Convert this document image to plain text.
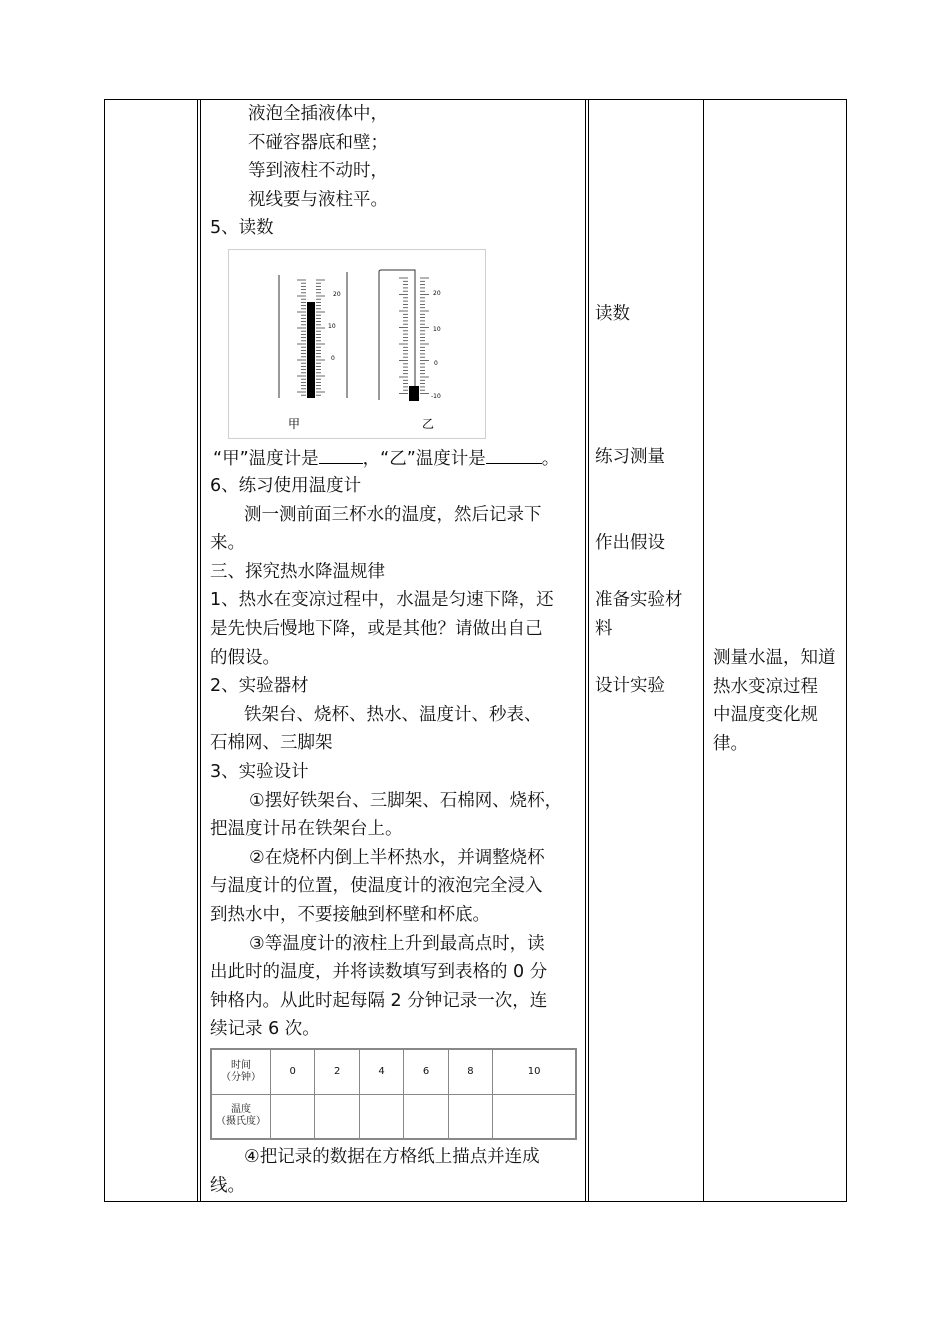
液泡全插液体中，
不碰容器底和壁；
等到液柱不动时，
视线要与液柱平。
5、读数
甲	乙
20
10
0
20
10
0
-10
“甲”温度计是	，“乙”温度计是	。
6、练习使用温度计
测一测前面三杯水的温度，然后记录下
来。
三、探究热水降温规律
1、热水在变凉过程中，水温是匀速下降，还
是先快后慢地下降，或是其他？请做出自己
的假设。
2、实验器材
铁架台、烧杯、热水、温度计、秒表、
石棉网、三脚架
3、实验设计
①摆好铁架台、三脚架、石棉网、烧杯，
把温度计吊在铁架台上。
②在烧杯内倒上半杯热水，并调整烧杯
与温度计的位置，使温度计的液泡完全浸入
到热水中，不要接触到杯壁和杯底。
③等温度计的液柱上升到最高点时，读
出此时的温度，并将读数填写到表格的 0 分
钟格内。从此时起每隔 2 分钟记录一次，连
续记录 6 次。
时间
（分钟）	0	2	4	6	8	10

温度
（摄氏度）						

④把记录的数据在方格纸上描点并连成
线。
读数
练习测量
作出假设
准备实验材
料
设计实验
测量水温，知道
热水变凉过程
中温度变化规
律。
